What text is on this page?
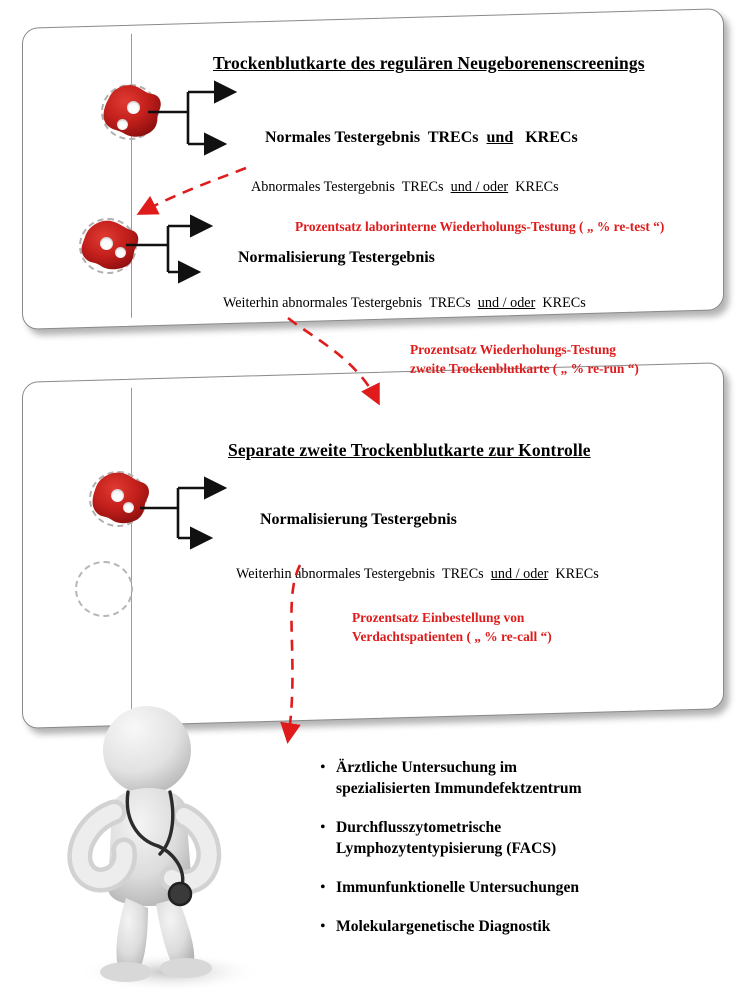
Trockenblutkarte des regulären Neugeborenenscreenings
Normales Testergebnis TRECs und KRECs
Abnormales Testergebnis TRECs und / oder KRECs
Prozentsatz laborinterne Wiederholungs-Testung ( „ % re-test “)
Normalisierung Testergebnis
Weiterhin abnormales Testergebnis TRECs und / oder KRECs
Separate zweite Trockenblutkarte zur Kontrolle
Normalisierung Testergebnis
Weiterhin abnormales Testergebnis TRECs und / oder KRECs
Prozentsatz Wiederholungs-Testung
zweite Trockenblutkarte ( „ % re-run “)
Prozentsatz Einbestellung von
Verdachtspatienten ( „ % re-call “)
• Ärztliche Untersuchung im
spezialisierten Immundefektzentrum
• Durchflusszytometrische
Lymphozytentypisierung (FACS)
• Immunfunktionelle Untersuchungen
• Molekulargenetische Diagnostik
